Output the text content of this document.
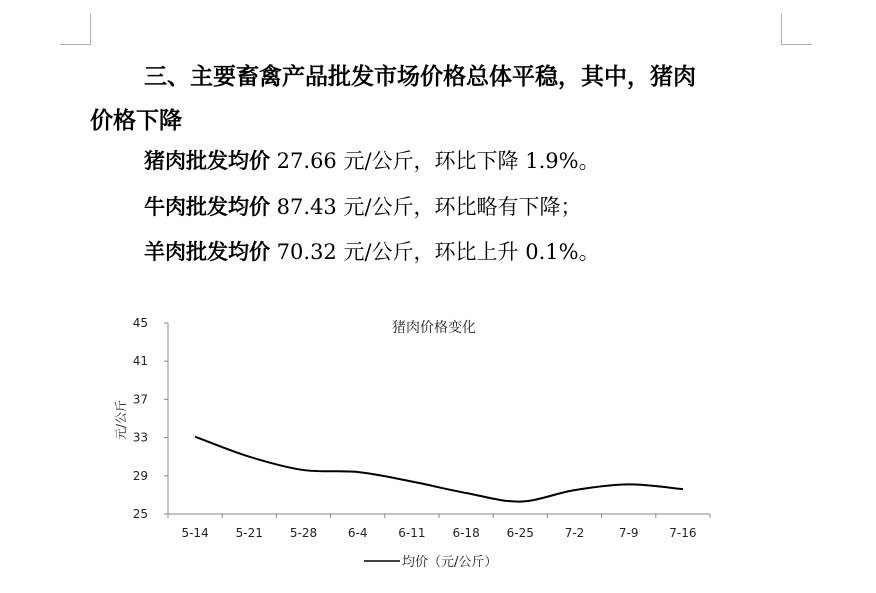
三、主要畜禽产品批发市场价格总体平稳，其中，猪肉
价格下降
猪肉批发均价 27.66 元/公斤，环比下降 1.9%。
牛肉批发均价 87.43 元/公斤，环比略有下降；
羊肉批发均价 70.32 元/公斤，环比上升 0.1%。
猪肉价格变化
元/公斤
25
29
33
37
41
45
5-14 5-21 5-28	6-4	6-11 6-18 6-25	7-2	7-9	7-16
均价（元/公斤）
